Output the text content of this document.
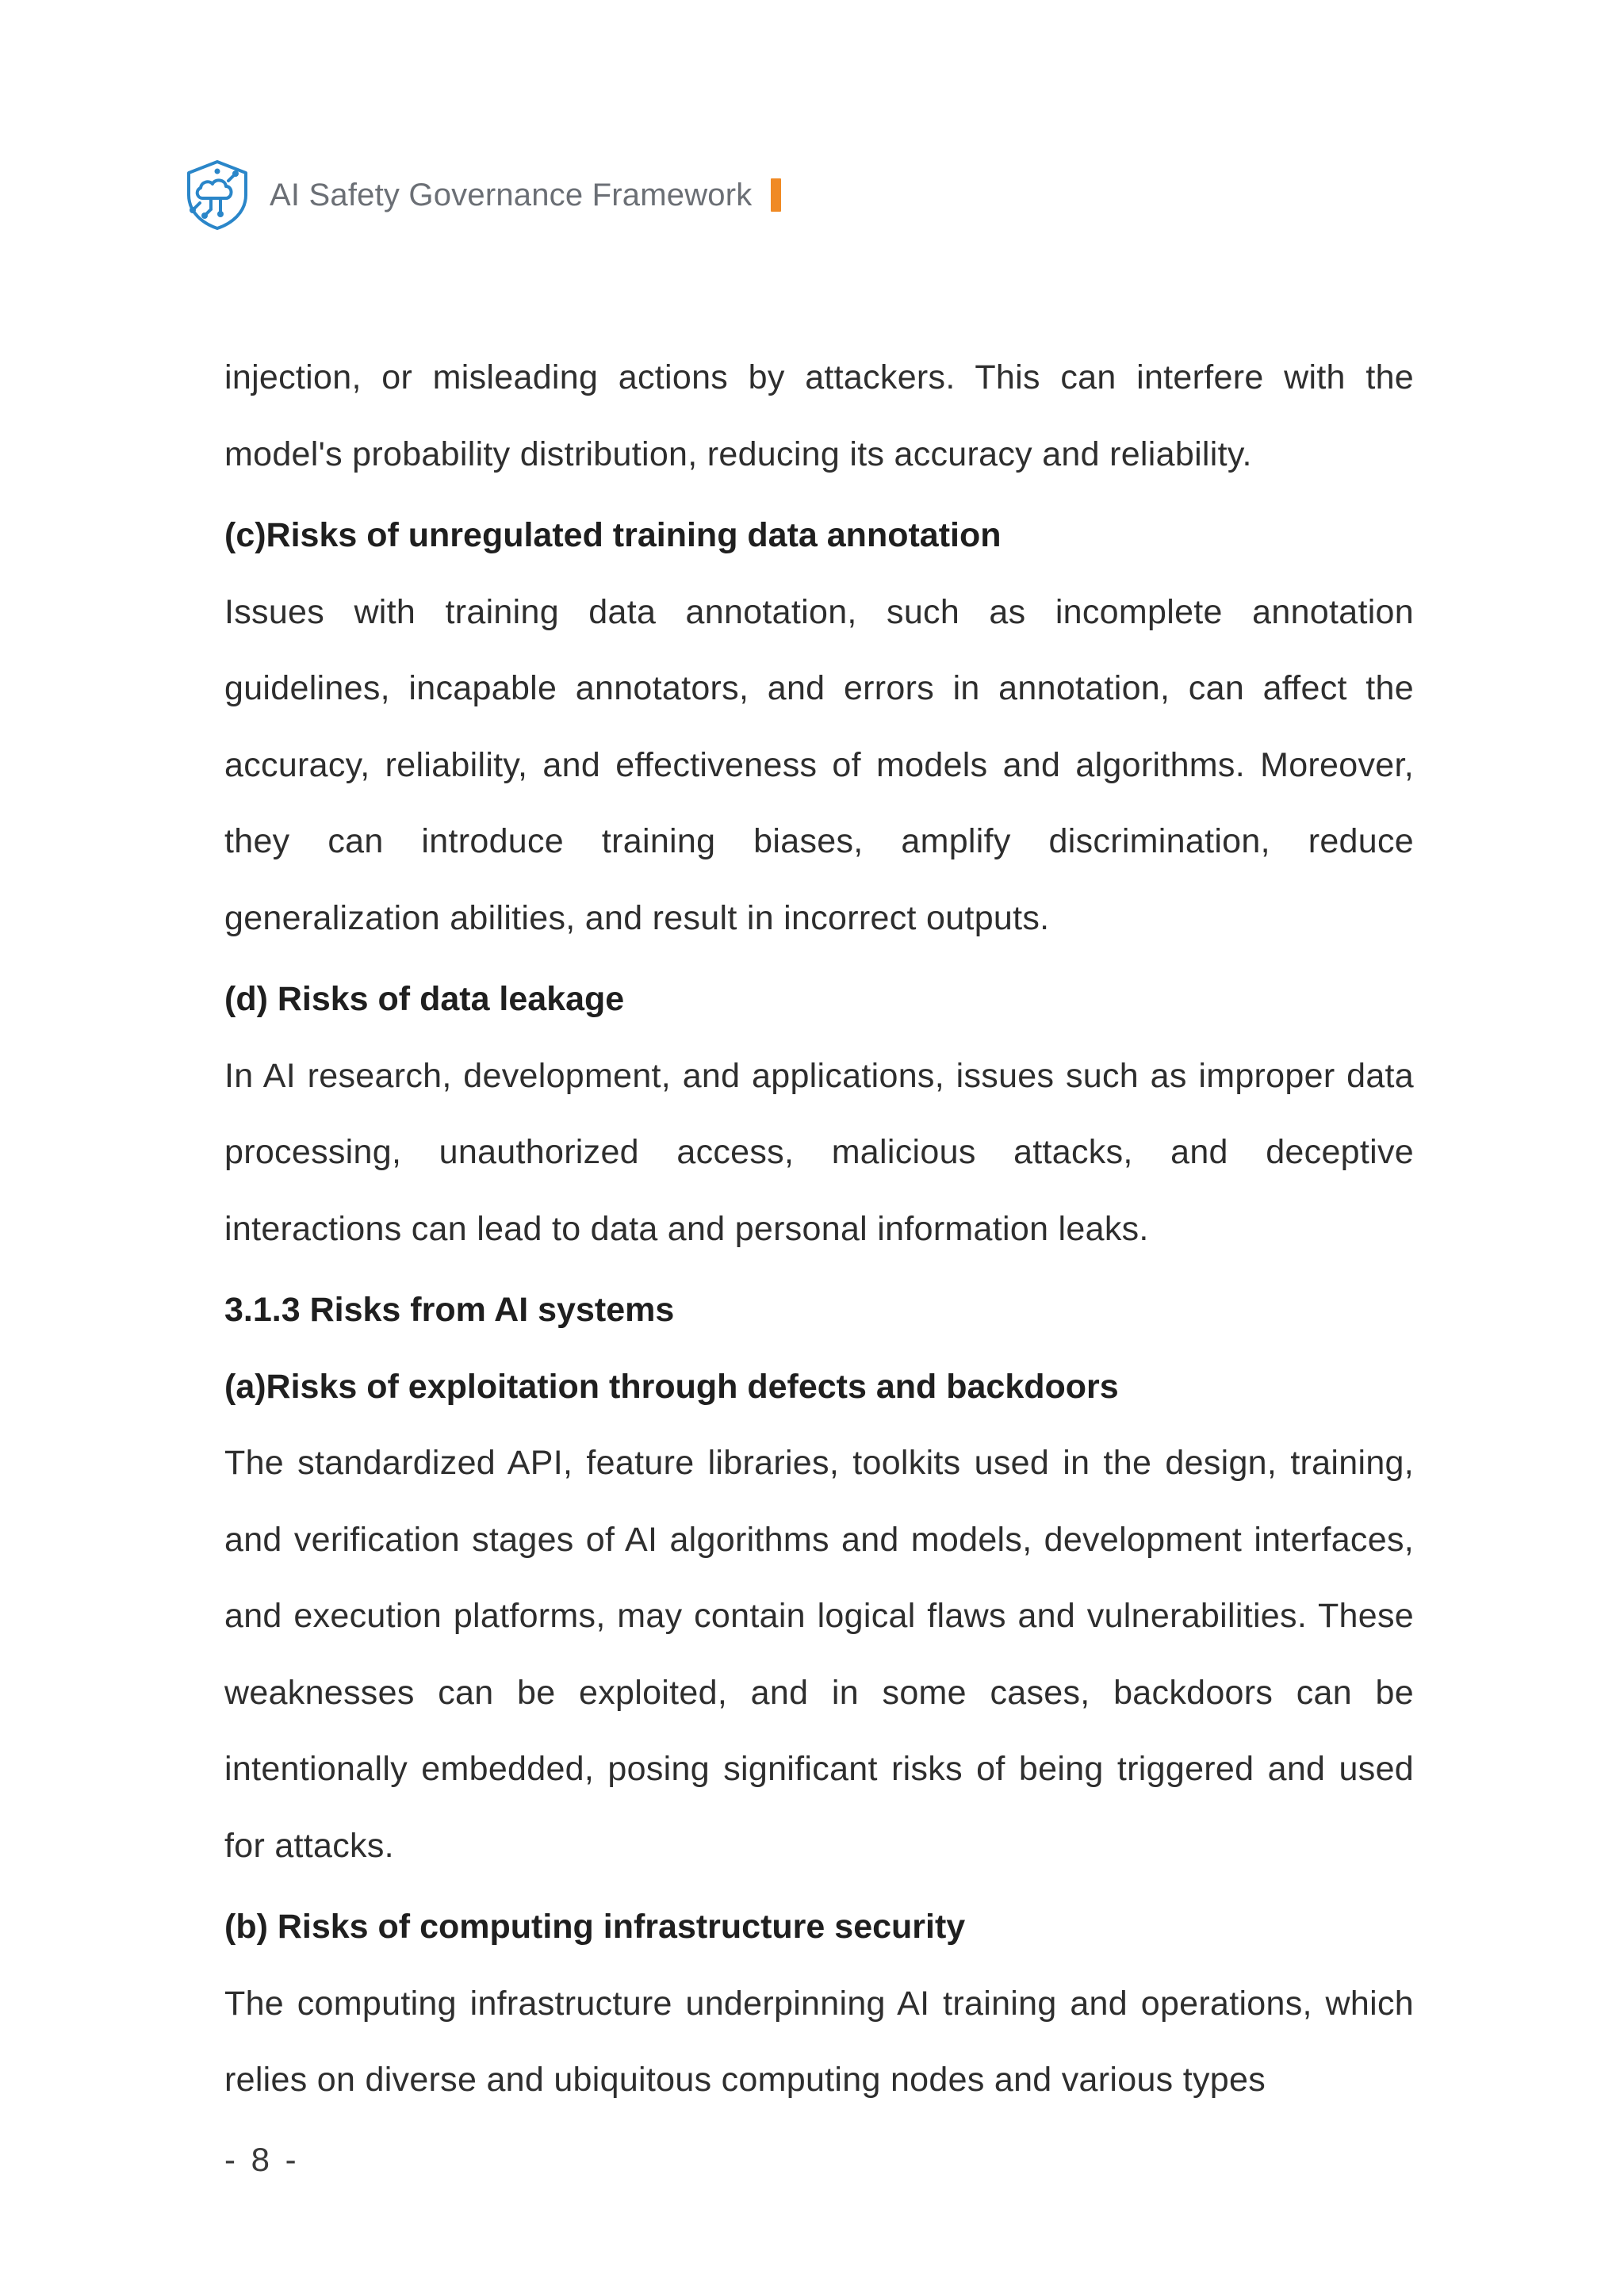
AI Safety Governance Framework

injection, or misleading actions by attackers. This can interfere with the model's probability distribution, reducing its accuracy and reliability.

(c)Risks of unregulated training data annotation

Issues with training data annotation, such as incomplete annotation guidelines, incapable annotators, and errors in annotation, can affect the accuracy, reliability, and effectiveness of models and algorithms. Moreover, they can introduce training biases, amplify discrimination, reduce generalization abilities, and result in incorrect outputs.

(d) Risks of data leakage

In AI research, development, and applications, issues such as improper data processing, unauthorized access, malicious attacks, and deceptive interactions can lead to data and personal information leaks.

3.1.3 Risks from AI systems
(a)Risks of exploitation through defects and backdoors

The standardized API, feature libraries, toolkits used in the design, training, and verification stages of AI algorithms and models, development interfaces, and execution platforms, may contain logical flaws and vulnerabilities. These weaknesses can be exploited, and in some cases, backdoors can be intentionally embedded, posing significant risks of being triggered and used for attacks.

(b) Risks of computing infrastructure security

The computing infrastructure underpinning AI training and operations, which relies on diverse and ubiquitous computing nodes and various types

- 8 -
